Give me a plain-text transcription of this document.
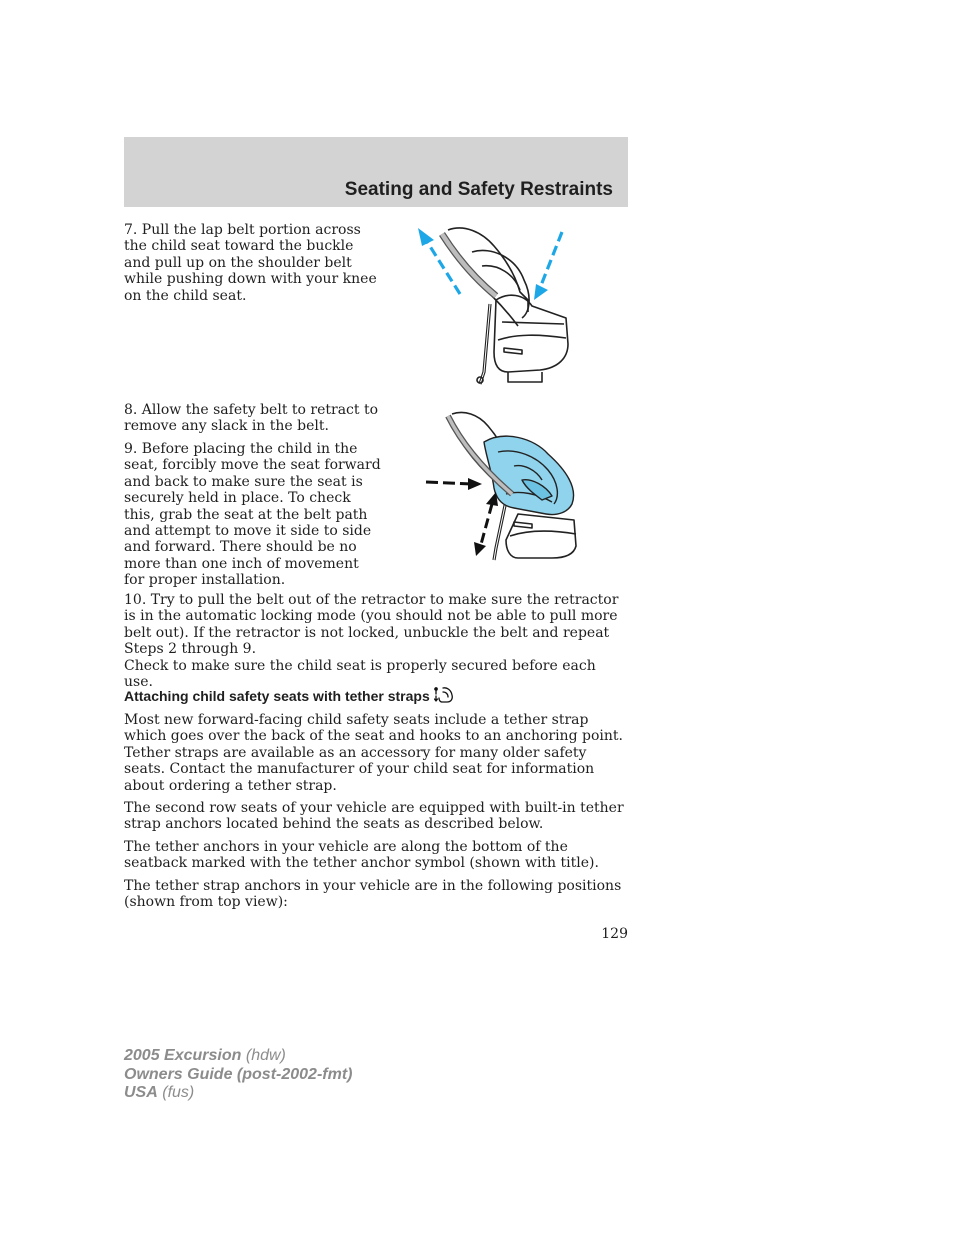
Seating and Safety Restraints

7. Pull the lap belt portion across the child seat toward the buckle and pull up on the shoulder belt while pushing down with your knee on the child seat.

8. Allow the safety belt to retract to remove any slack in the belt.

9. Before placing the child in the seat, forcibly move the seat forward and back to make sure the seat is securely held in place. To check this, grab the seat at the belt path and attempt to move it side to side and forward. There should be no more than one inch of movement for proper installation.

10. Try to pull the belt out of the retractor to make sure the retractor is in the automatic locking mode (you should not be able to pull more belt out). If the retractor is not locked, unbuckle the belt and repeat Steps 2 through 9.

Check to make sure the child seat is properly secured before each use.

Attaching child safety seats with tether straps

Most new forward-facing child safety seats include a tether strap which goes over the back of the seat and hooks to an anchoring point. Tether straps are available as an accessory for many older safety seats. Contact the manufacturer of your child seat for information about ordering a tether strap.

The second row seats of your vehicle are equipped with built-in tether strap anchors located behind the seats as described below.

The tether anchors in your vehicle are along the bottom of the seatback marked with the tether anchor symbol (shown with title).

The tether strap anchors in your vehicle are in the following positions (shown from top view):

129
2005 Excursion (hdw)
Owners Guide (post-2002-fmt)
USA (fus)
